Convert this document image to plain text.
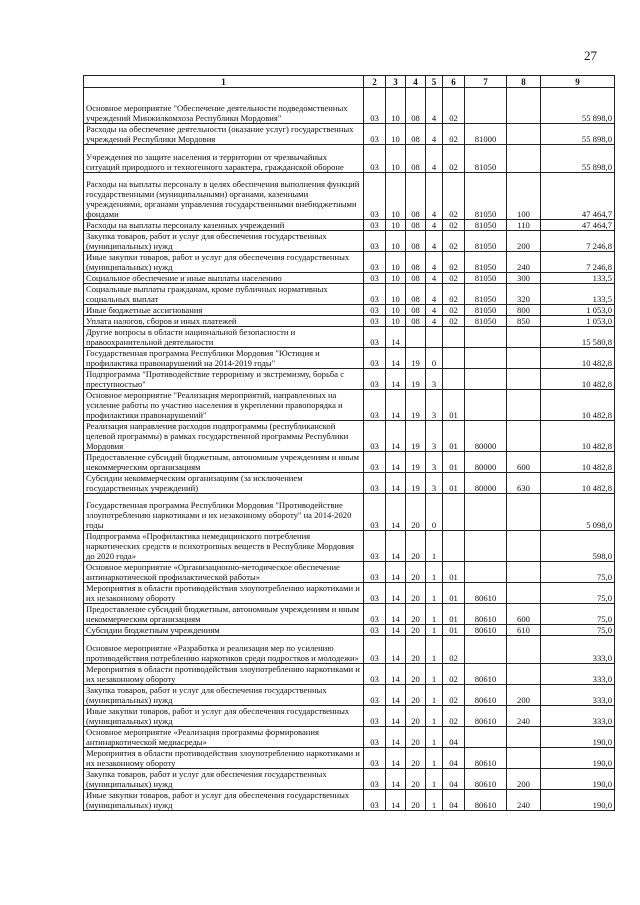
27
1	2	3	4	5	6	7	8	9
Основное мероприятие "Обеспечение деятельности подведомственных учреждений Минжилкомхоза Республики Мордовия"	03	10	08	4	02			55 898,0
Расходы на обеспечение деятельности (оказание услуг) государственных учреждений Республики Мордовия	03	10	08	4	02	81000		55 898,0
Учреждения по защите населения и территории от чрезвычайных ситуаций природного и техногенного характера, гражданской обороне	03	10	08	4	02	81050		55 898,0
Расходы на выплаты персоналу в целях обеспечения выполнения функций государственными (муниципальными) органами, казенными учреждениями, органами управления государственными внебюджетными фондами	03	10	08	4	02	81050	100	47 464,7
Расходы на выплаты персоналу казенных учреждений	03	10	08	4	02	81050	110	47 464,7
Закупка товаров, работ и услуг для обеспечения государственных (муниципальных) нужд	03	10	08	4	02	81050	200	7 246,8
Иные закупки товаров, работ и услуг для обеспечения государственных (муниципальных) нужд	03	10	08	4	02	81050	240	7 246,8
Социальное обеспечение и иные выплаты населению	03	10	08	4	02	81050	300	133,5
Социальные выплаты гражданам, кроме публичных нормативных социальных выплат	03	10	08	4	02	81050	320	133,5
Иные бюджетные ассигнования	03	10	08	4	02	81050	800	1 053,0
Уплата налогов, сборов и иных платежей	03	10	08	4	02	81050	850	1 053,0
Другие вопросы в области национальной безопасности и правоохранительной деятельности	03	14						15 580,8
Государственная программа Республики Мордовия "Юстиция и профилактика правонарушений на 2014-2019 годы"	03	14	19	0				10 482,8
Подпрограмма "Противодействие терроризму и экстремизму, борьба с преступностью"	03	14	19	3				10 482,8
Основное мероприятие "Реализация мероприятий, направленных на усиление работы по участию населения в укреплении правопорядка и профилактики правонарушений"	03	14	19	3	01			10 482,8
Реализация направления расходов подпрограммы (республиканской целевой программы) в рамках государственной программы Республики Мордовия	03	14	19	3	01	80000		10 482,8
Предоставление субсидий бюджетным, автономным учреждениям и иным некоммерческим организациям	03	14	19	3	01	80000	600	10 482,8
Субсидии некоммерческим организациям (за исключением государственных учреждений)	03	14	19	3	01	80000	630	10 482,8
Государственная программа Республики Мордовия "Противодействие злоупотреблению наркотиками и их незаконному обороту" на 2014-2020 годы	03	14	20	0				5 098,0
Подпрограмма «Профилактика немедицинского потребления наркотических средств и психотропных веществ в Республике Мордовия до 2020 года»	03	14	20	1				598,0
Основное мероприятие «Организационно-методическое обеспечение антинаркотической профилактической работы»	03	14	20	1	01			75,0
Мероприятия в области противодействия злоупотреблению наркотиками и их незаконному обороту	03	14	20	1	01	80610		75,0
Предоставление субсидий бюджетным, автономным учреждениям и иным некоммерческим организациям	03	14	20	1	01	80610	600	75,0
Субсидии бюджетным учреждениям	03	14	20	1	01	80610	610	75,0
Основное мероприятие «Разработка и реализация мер по усилению противодействия потреблению наркотиков среди подростков и молодежи»	03	14	20	1	02			333,0
Мероприятия в области противодействия злоупотреблению наркотиками и их незаконному обороту	03	14	20	1	02	80610		333,0
Закупка товаров, работ и услуг для обеспечения государственных (муниципальных) нужд	03	14	20	1	02	80610	200	333,0
Иные закупки товаров, работ и услуг для обеспечения государственных (муниципальных) нужд	03	14	20	1	02	80610	240	333,0
Основное мероприятие «Реализация программы формирования антинаркотической медиасреды»	03	14	20	1	04			190,0
Мероприятия в области противодействия злоупотреблению наркотиками и их незаконному обороту	03	14	20	1	04	80610		190,0
Закупка товаров, работ и услуг для обеспечения государственных (муниципальных) нужд	03	14	20	1	04	80610	200	190,0
Иные закупки товаров, работ и услуг для обеспечения государственных (муниципальных) нужд	03	14	20	1	04	80610	240	190,0
